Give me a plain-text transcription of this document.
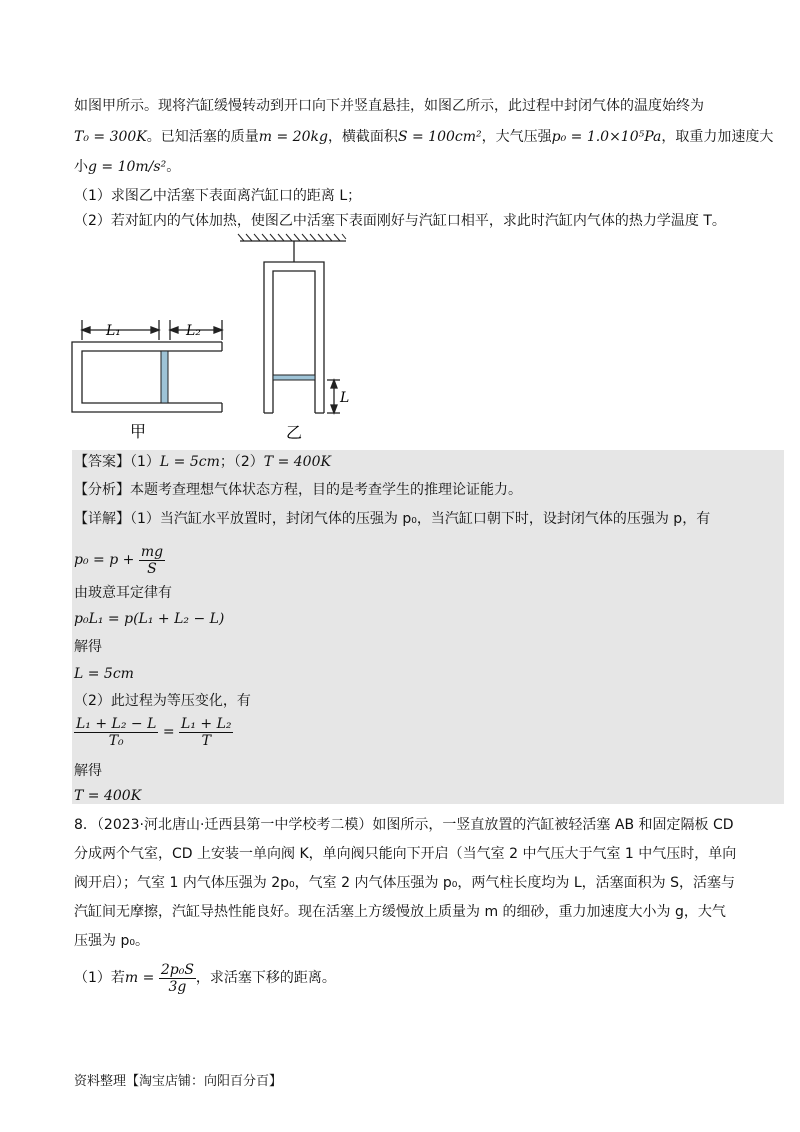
如图甲所示。现将汽缸缓慢转动到开口向下并竖直悬挂，如图乙所示，此过程中封闭气体的温度始终为
T₀ = 300K。已知活塞的质量m = 20kg，横截面积S = 100cm²，大气压强p₀ = 1.0×10⁵Pa，取重力加速度大
小g = 10m/s²。
（1）求图乙中活塞下表面离汽缸口的距离 L；
（2）若对缸内的气体加热，使图乙中活塞下表面刚好与汽缸口相平，求此时汽缸内气体的热力学温度 T。
L₁	L₂
甲
L
乙
【答案】（1）L = 5cm；（2）T = 400K
【分析】本题考查理想气体状态方程，目的是考查学生的推理论证能力。
【详解】（1）当汽缸水平放置时，封闭气体的压强为 p₀，当汽缸口朝下时，设封闭气体的压强为 p，有
$p_0 = p + \frac{mg}{S}$
由玻意耳定律有
p₀L₁ = p(L₁ + L₂ − L)
解得
L = 5cm
（2）此过程为等压变化，有
$\frac{\text{L₁ + L₂ − L}}{\text{T₀}} = \frac{\text{L₁ + L₂}}{T}$
解得
T = 400K
8．（2023·河北唐山·迁西县第一中学校考二模）如图所示，一竖直放置的汽缸被轻活塞 AB 和固定隔板 CD
分成两个气室，CD 上安装一单向阀 K，单向阀只能向下开启（当气室 2 中气压大于气室 1 中气压时，单向
阀开启）；气室 1 内气体压强为 2p₀，气室 2 内气体压强为 p₀，两气柱长度均为 L，活塞面积为 S，活塞与
汽缸间无摩擦，汽缸导热性能良好。现在活塞上方缓慢放上质量为 m 的细砂，重力加速度大小为 g，大气
压强为 p₀。
（1）若$m = \frac{\text{2p₀S}}{3g}$ ，求活塞下移的距离。
资料整理【淘宝店铺：向阳百分百】
